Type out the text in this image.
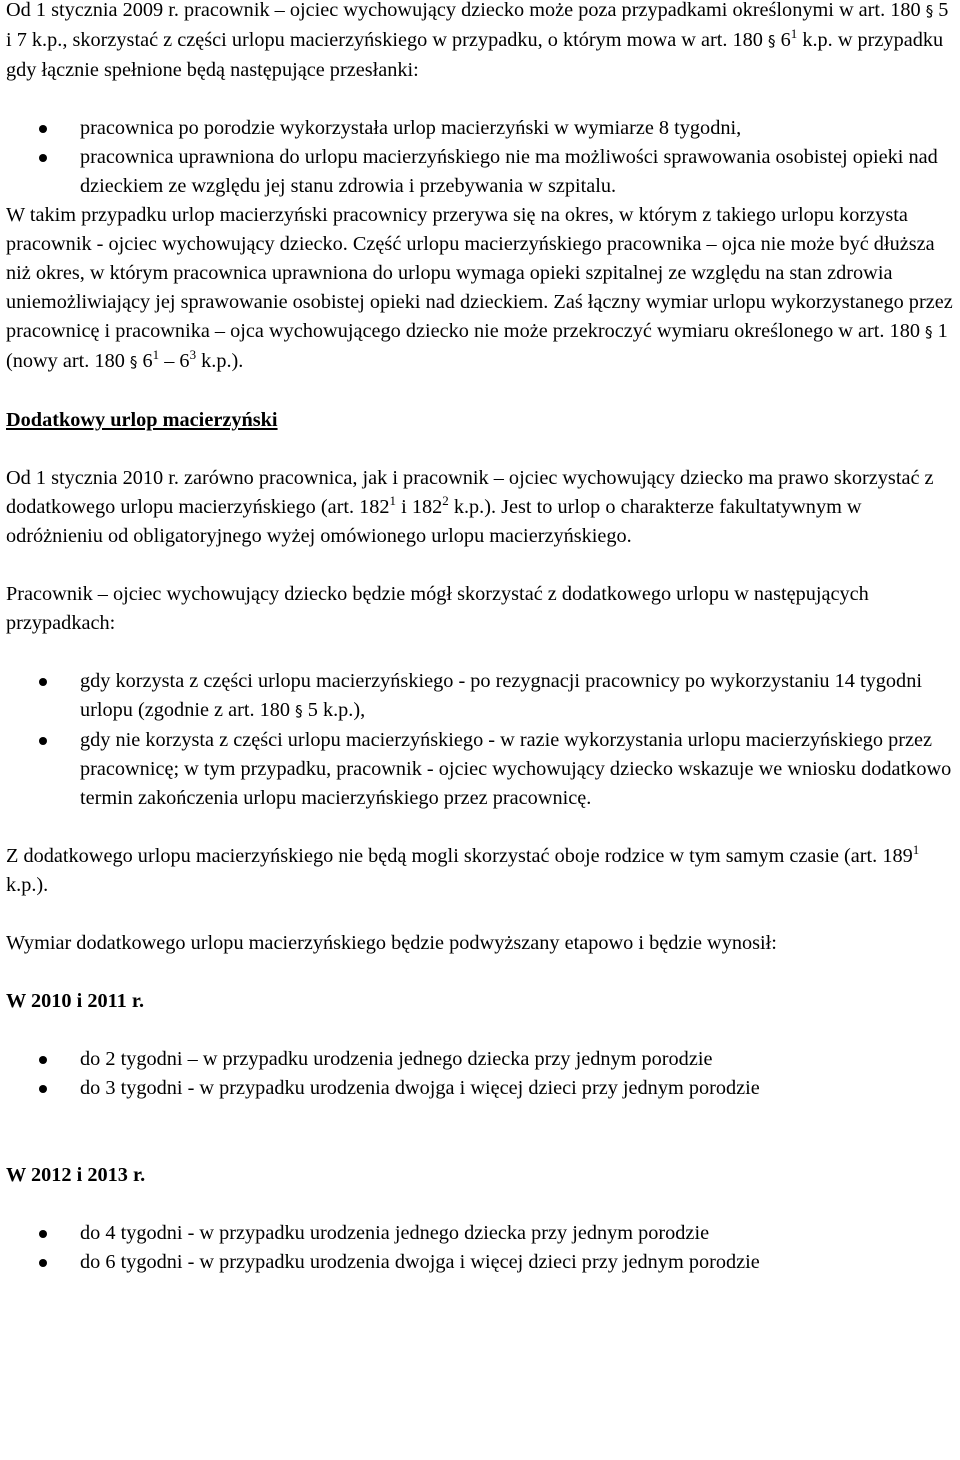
Od 1 stycznia 2009 r. pracownik – ojciec wychowujący dziecko może poza przypadkami określonymi w art. 180 § 5 i 7 k.p., skorzystać z części urlopu macierzyńskiego w przypadku, o którym mowa w art. 180 § $6^1$ k.p. w przypadku gdy łącznie spełnione będą następujące przesłanki:

pracownica po porodzie wykorzystała urlop macierzyński w wymiarze 8 tygodni,
pracownica uprawniona do urlopu macierzyńskiego nie ma możliwości sprawowania osobistej opieki nad dzieckiem ze względu jej stanu zdrowia i przebywania w szpitalu.

W takim przypadku urlop macierzyński pracownicy przerywa się na okres, w którym z takiego urlopu korzysta pracownik - ojciec wychowujący dziecko. Część urlopu macierzyńskiego pracownika – ojca nie może być dłuższa niż okres, w którym pracownica uprawniona do urlopu wymaga opieki szpitalnej ze względu na stan zdrowia uniemożliwiający jej sprawowanie osobistej opieki nad dzieckiem. Zaś łączny wymiar urlopu wykorzystanego przez pracownicę i pracownika – ojca wychowującego dziecko nie może przekroczyć wymiaru określonego w art. 180 § 1 (nowy art. 180 § $6^1 - 6^3$ k.p.).

Dodatkowy urlop macierzyński

Od 1 stycznia 2010 r. zarówno pracownica, jak i pracownik – ojciec wychowujący dziecko ma prawo skorzystać z dodatkowego urlopu macierzyńskiego (art. $182^1$ i $182^2$ k.p.). Jest to urlop o charakterze fakultatywnym w odróżnieniu od obligatoryjnego wyżej omówionego urlopu macierzyńskiego.

Pracownik – ojciec wychowujący dziecko będzie mógł skorzystać z dodatkowego urlopu w następujących przypadkach:

gdy korzysta z części urlopu macierzyńskiego - po rezygnacji pracownicy po wykorzystaniu 14 tygodni urlopu (zgodnie z art. 180 § 5 k.p.),
gdy nie korzysta z części urlopu macierzyńskiego - w razie wykorzystania urlopu macierzyńskiego przez pracownicę; w tym przypadku, pracownik - ojciec wychowujący dziecko wskazuje we wniosku dodatkowo termin zakończenia urlopu macierzyńskiego przez pracownicę.

Z dodatkowego urlopu macierzyńskiego nie będą mogli skorzystać oboje rodzice w tym samym czasie (art. $189^1$ k.p.).

Wymiar dodatkowego urlopu macierzyńskiego będzie podwyższany etapowo i będzie wynosił:

W 2010 i 2011 r.

do 2 tygodni – w przypadku urodzenia jednego dziecka przy jednym porodzie
do 3 tygodni - w przypadku urodzenia dwojga i więcej dzieci przy jednym porodzie

W 2012 i 2013 r.

do 4 tygodni - w przypadku urodzenia jednego dziecka przy jednym porodzie
do 6 tygodni - w przypadku urodzenia dwojga i więcej dzieci przy jednym porodzie
